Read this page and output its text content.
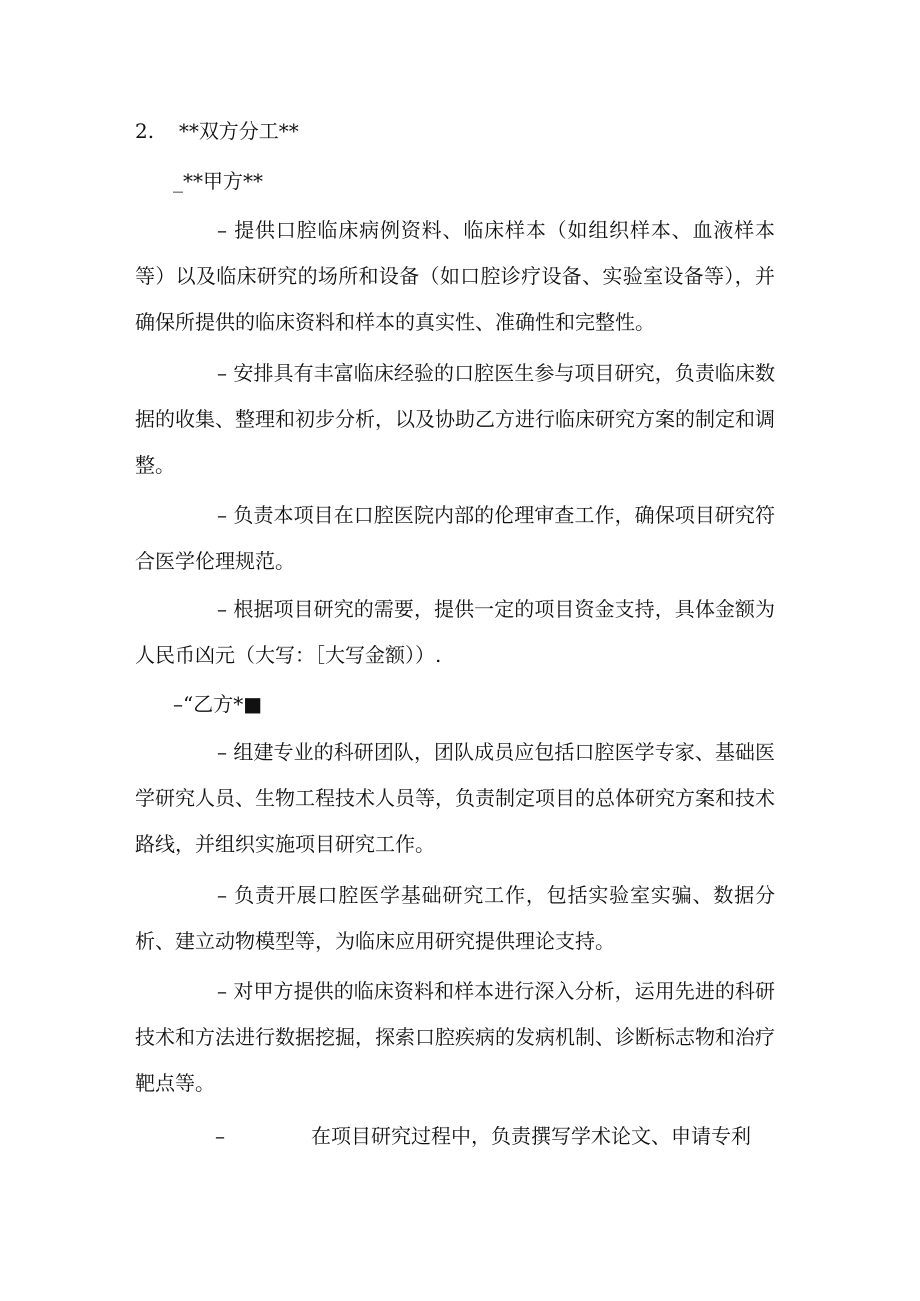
2. **双方分工**
_**甲方**
– 提供口腔临床病例资料、临床样本（如组织样本、血液样本等）以及临床研究的场所和设备（如口腔诊疗设备、实验室设备等），并确保所提供的临床资料和样本的真实性、准确性和完整性。
– 安排具有丰富临床经验的口腔医生参与项目研究，负责临床数据的收集、整理和初步分析，以及协助乙方进行临床研究方案的制定和调整。
– 负责本项目在口腔医院内部的伦理审查工作，确保项目研究符合医学伦理规范。
– 根据项目研究的需要，提供一定的项目资金支持，具体金额为人民币凶元（大写：［大写金额））.
–“乙方*■
– 组建专业的科研团队，团队成员应包括口腔医学专家、基础医学研究人员、生物工程技术人员等，负责制定项目的总体研究方案和技术路线，并组织实施项目研究工作。
– 负责开展口腔医学基础研究工作，包括实验室实骗、数据分析、建立动物模型等，为临床应用研究提供理论支持。
– 对甲方提供的临床资料和样本进行深入分析，运用先进的科研技术和方法进行数据挖掘，探索口腔疾病的发病机制、诊断标志物和治疗靶点等。
–	在项目研究过程中，负责撰写学术论文、申请专利
